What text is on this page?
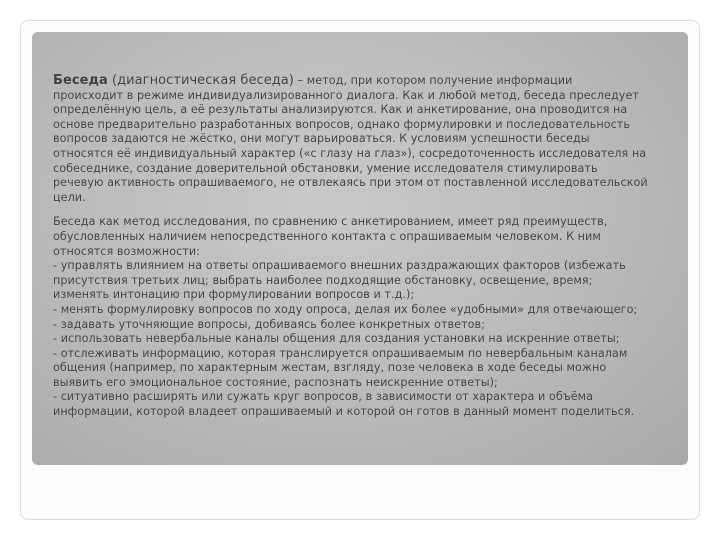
Беседа (диагностическая беседа) – метод, при котором получение информации
происходит в режиме индивидуализированного диалога. Как и любой метод, беседа преследует
определённую цель, а её результаты анализируются. Как и анкетирование, она проводится на
основе предварительно разработанных вопросов, однако формулировки и последовательность
вопросов задаются не жёстко, они могут варьироваться. К условиям успешности беседы
относятся её индивидуальный характер («с глазу на глаз»), сосредоточенность исследователя на
собеседнике, создание доверительной обстановки, умение исследователя стимулировать
речевую активность опрашиваемого, не отвлекаясь при этом от поставленной исследовательской
цели.

Беседа как метод исследования, по сравнению с анкетированием, имеет ряд преимуществ,
обусловленных наличием непосредственного контакта с опрашиваемым человеком. К ним
относятся возможности:
- управлять влиянием на ответы опрашиваемого внешних раздражающих факторов (избежать
присутствия третьих лиц; выбрать наиболее подходящие обстановку, освещение, время;
изменять интонацию при формулировании вопросов и т.д.);
- менять формулировку вопросов по ходу опроса, делая их более «удобными» для отвечающего;
- задавать уточняющие вопросы, добиваясь более конкретных ответов;
- использовать невербальные каналы общения для создания установки на искренние ответы;
- отслеживать информацию, которая транслируется опрашиваемым по невербальным каналам
общения (например, по характерным жестам, взгляду, позе человека в ходе беседы можно
выявить его эмоциональное состояние, распознать неискренние ответы);
- ситуативно расширять или сужать круг вопросов, в зависимости от характера и объёма
информации, которой владеет опрашиваемый и которой он готов в данный момент поделиться.
